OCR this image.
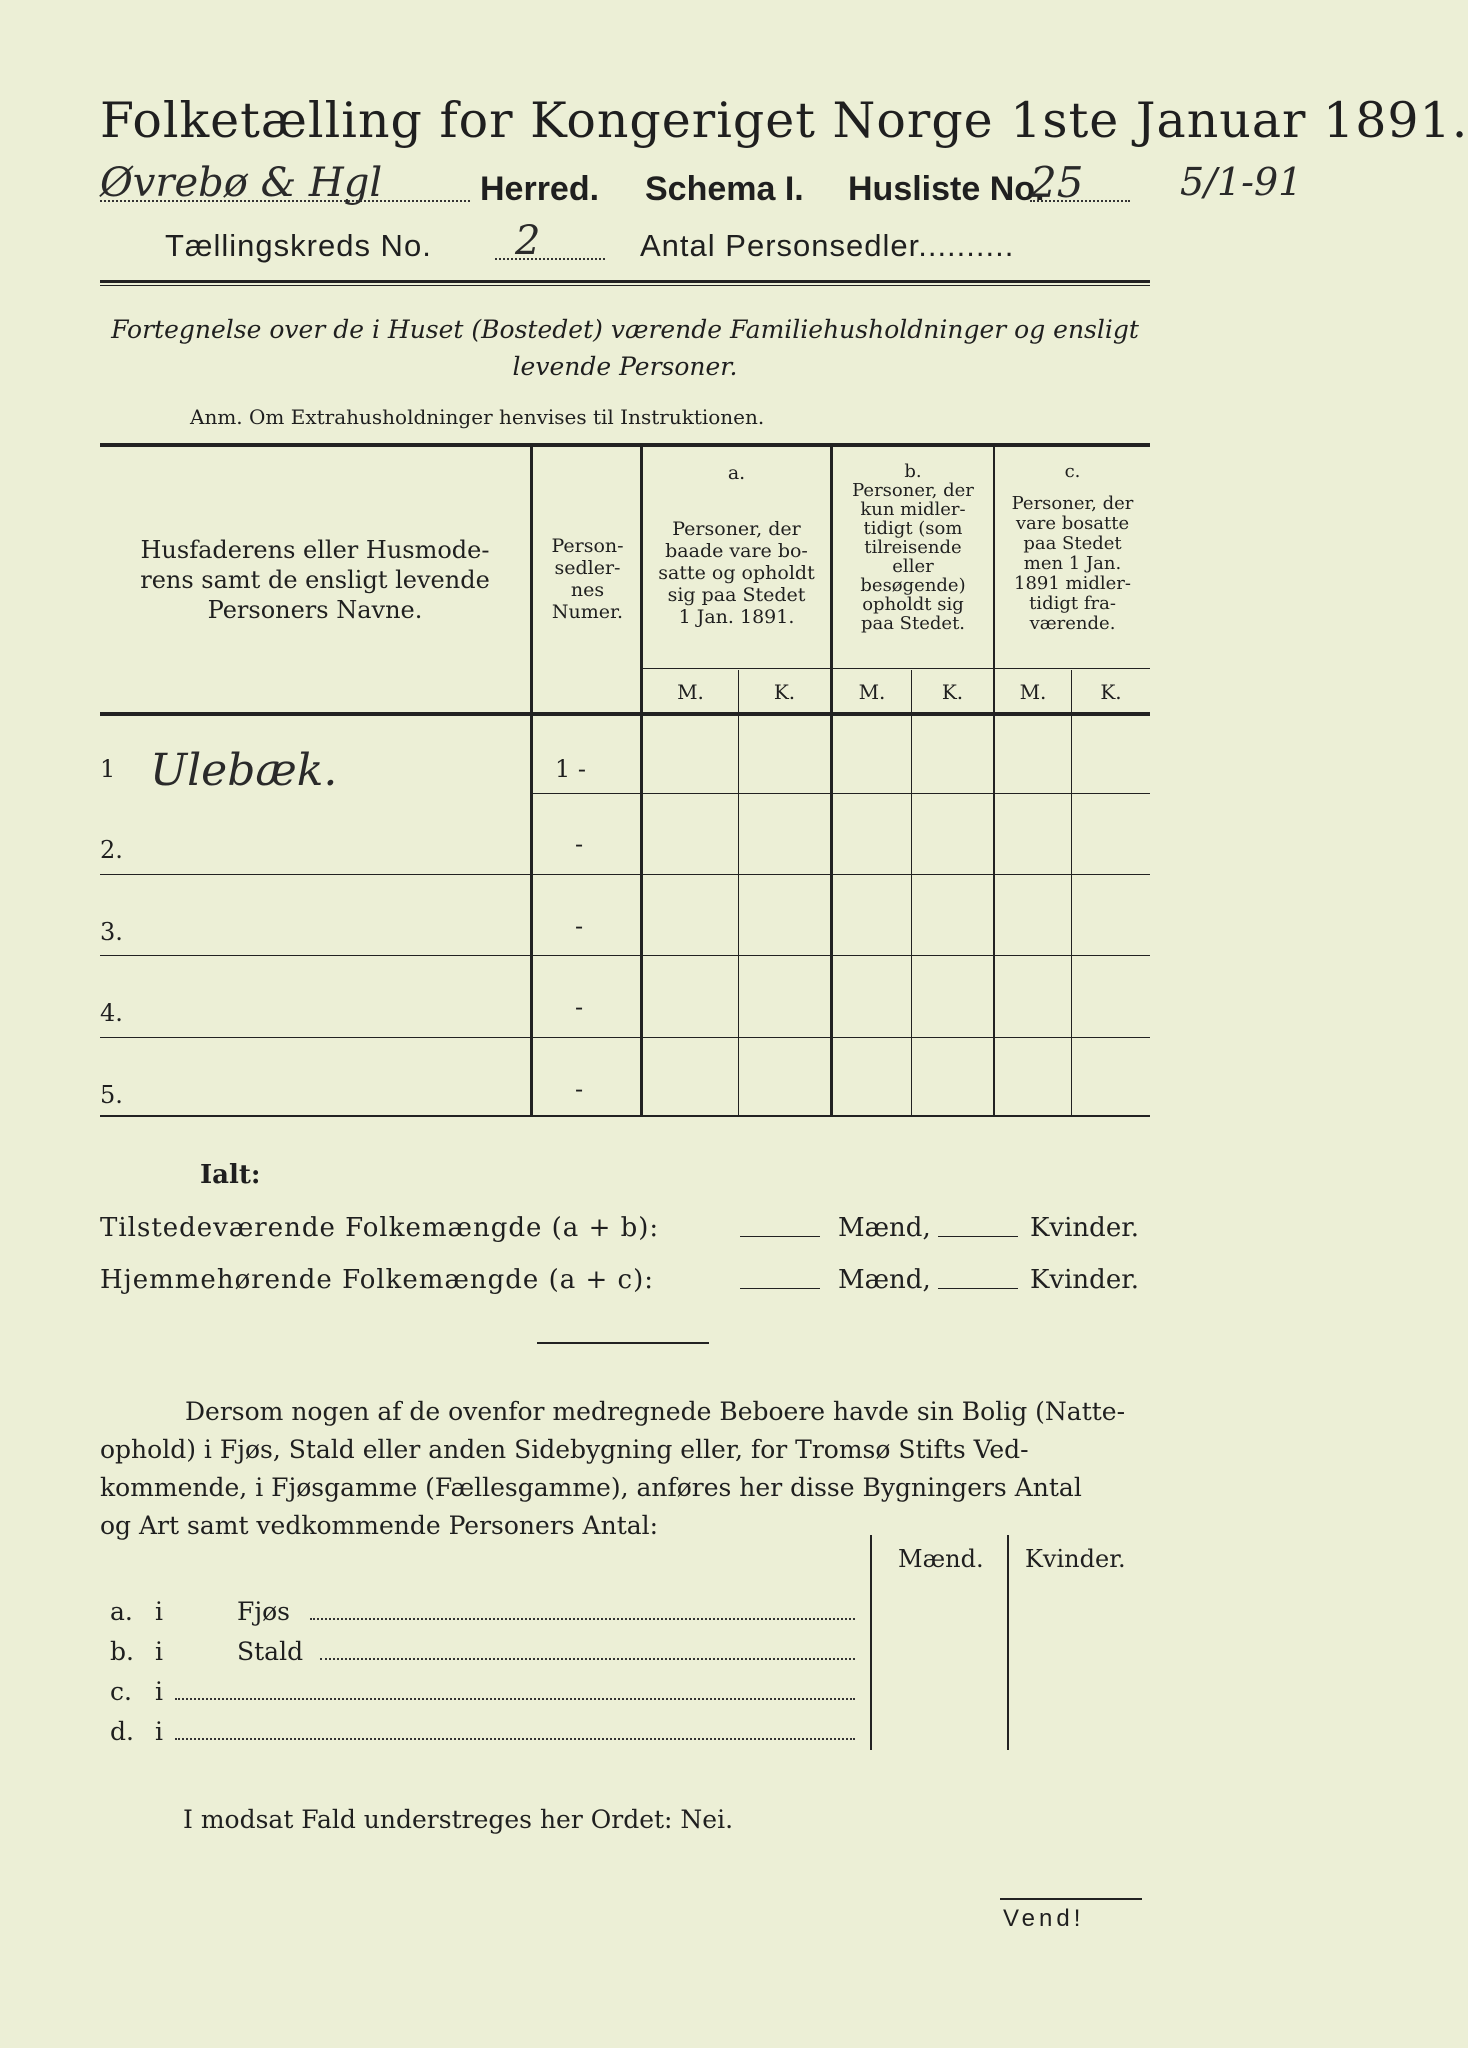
Folketælling for Kongeriget Norge 1ste Januar 1891.
Øvrebø & Hgl	Herred. Schema I. Husliste No.
25	5/1-91
Tællingskreds No. 2	Antal Personsedler..........
Fortegnelse over de i Huset (Bostedet) værende Familiehusholdninger og ensligt
levende Personer.
Anm. Om Extrahusholdninger henvises til Instruktionen.
Husfaderens eller Husmode-
rens samt de ensligt levende
Personers Navne.
Person-
sedler-
nes
Numer.
a.
Personer, der
baade vare bo-
satte og opholdt
sig paa Stedet
1 Jan. 1891.
b.
Personer, der
kun midler-
tidigt (som
tilreisende
eller
besøgende)
opholdt sig
paa Stedet.
c.
Personer, der
vare bosatte
paa Stedet
men 1 Jan.
1891 midler-
tidigt fra-
værende.
M.	K.	M.	K.	M.	K.
1 Ulebæk.	1 -
2.	-
3.	-
4.	-
5.	-
Ialt:
Tilstedeværende Folkemængde (a + b):	Mænd,	Kvinder.
Hjemmehørende Folkemængde (a + c):	Mænd,	Kvinder.
Dersom nogen af de ovenfor medregnede Beboere havde sin Bolig (Natte-
ophold) i Fjøs, Stald eller anden Sidebygning eller, for Tromsø Stifts Ved-
kommende, i Fjøsgamme (Fællesgamme), anføres her disse Bygningers Antal
og Art samt vedkommende Personers Antal:
Mænd. Kvinder.
a. i	Fjøs
b. i	Stald
c. i
d. i
I modsat Fald understreges her Ordet: Nei.
Vend!
